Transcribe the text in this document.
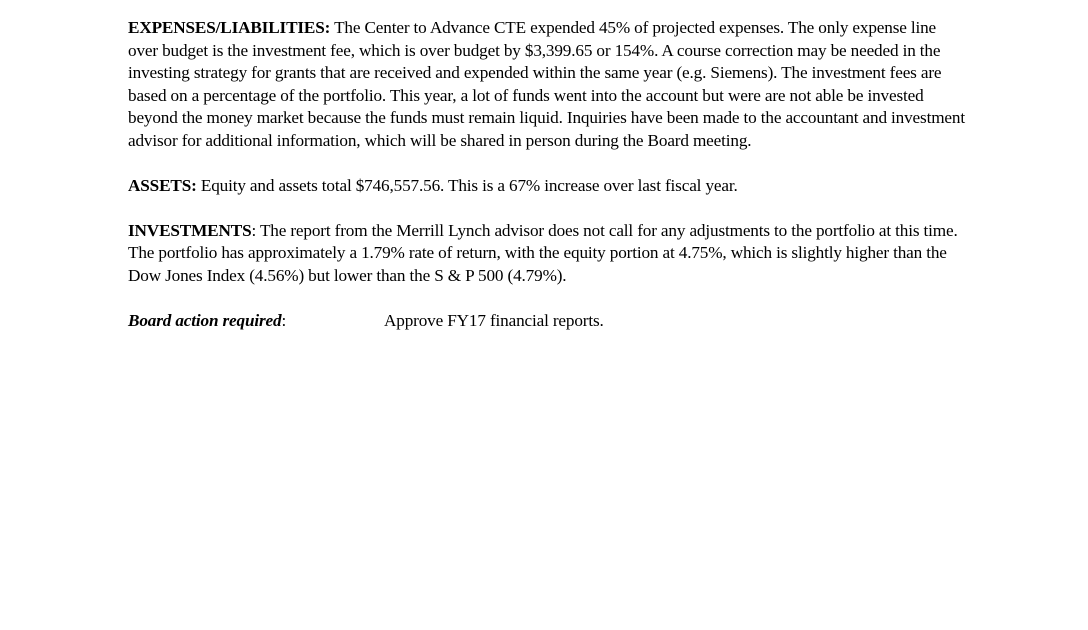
EXPENSES/LIABILITIES: The Center to Advance CTE expended 45% of projected expenses. The only expense line over budget is the investment fee, which is over budget by $3,399.65 or 154%. A course correction may be needed in the investing strategy for grants that are received and expended within the same year (e.g. Siemens). The investment fees are based on a percentage of the portfolio. This year, a lot of funds went into the account but were are not able be invested beyond the money market because the funds must remain liquid. Inquiries have been made to the accountant and investment advisor for additional information, which will be shared in person during the Board meeting.

ASSETS: Equity and assets total $746,557.56. This is a 67% increase over last fiscal year.

INVESTMENTS: The report from the Merrill Lynch advisor does not call for any adjustments to the portfolio at this time. The portfolio has approximately a 1.79% rate of return, with the equity portion at 4.75%, which is slightly higher than the Dow Jones Index (4.56%) but lower than the S & P 500 (4.79%).

Board action required:	Approve FY17 financial reports.
